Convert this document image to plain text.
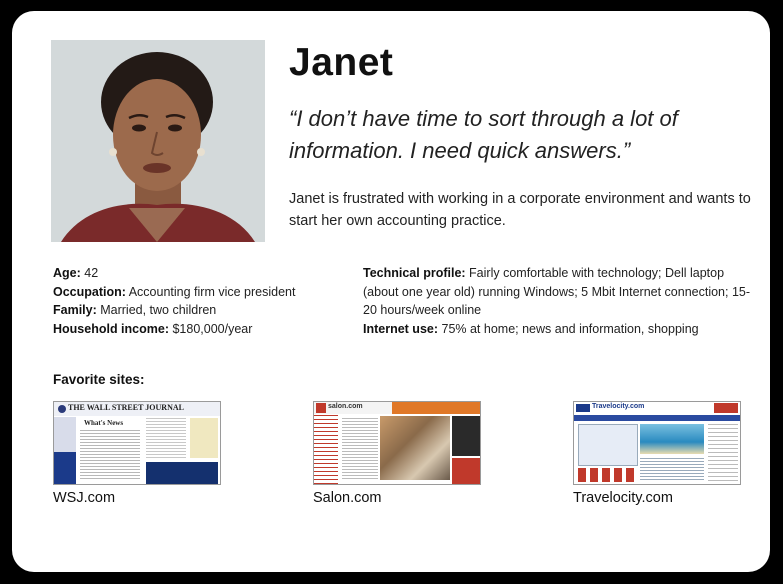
Janet

“I don’t have time to sort through a lot of information. I need quick answers.”

Janet is frustrated with working in a corporate environment and wants to start her own accounting practice.

Age: 42
Occupation: Accounting firm vice president
Family: Married, two children
Household income: $180,000/year
Technical profile: Fairly comfortable with technology; Dell laptop (about one year old) running Windows; 5 Mbit Internet connection; 15-20 hours/week online
Internet use: 75% at home; news and information, shopping

Favorite sites:

THE WALL STREET JOURNAL
What's News
WSJ.com
salon.com
Salon.com
Travelocity.com
Travelocity.com
